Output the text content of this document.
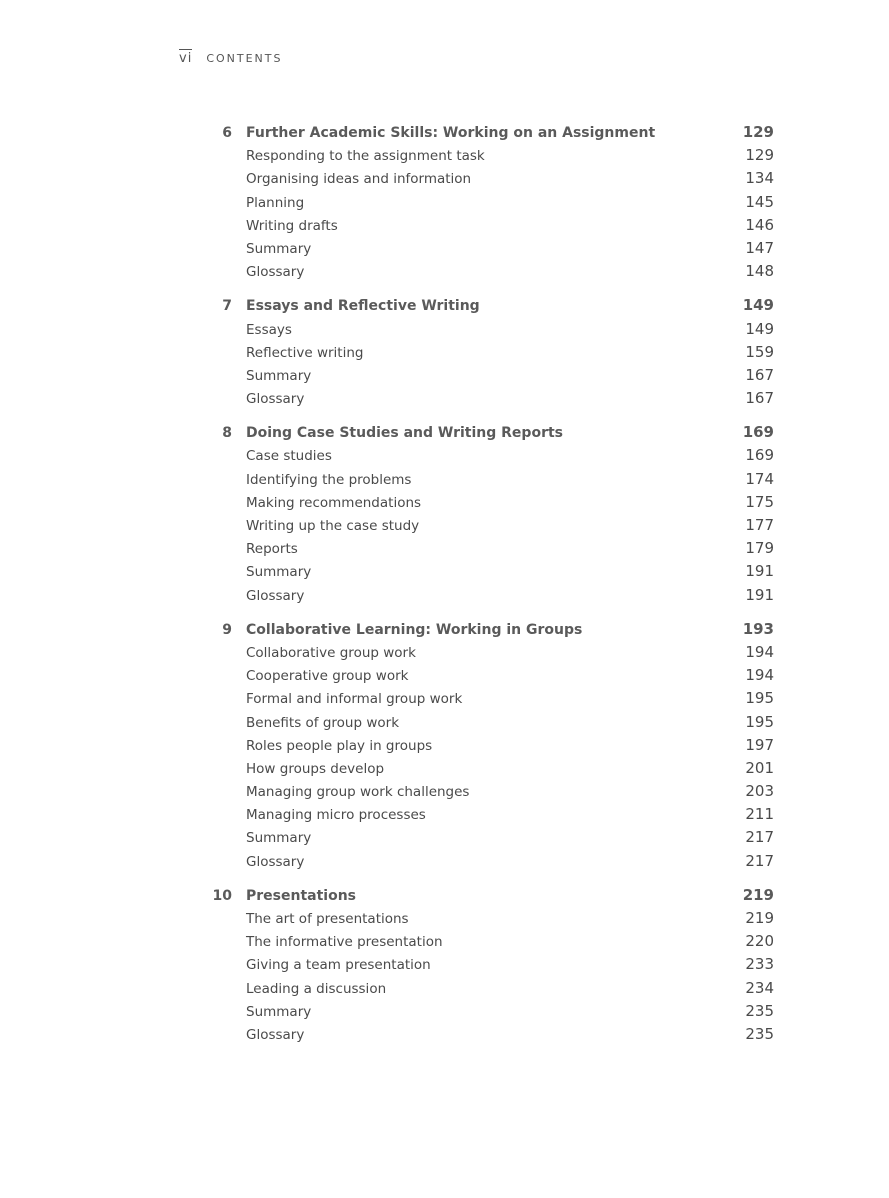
vi CONTENTS
6 Further Academic Skills: Working on an Assignment	129
Responding to the assignment task	129
Organising ideas and information	134
Planning	145
Writing drafts	146
Summary	147
Glossary	148
7 Essays and Reflective Writing	149
Essays	149
Reflective writing	159
Summary	167
Glossary	167
8 Doing Case Studies and Writing Reports	169
Case studies	169
Identifying the problems	174
Making recommendations	175
Writing up the case study	177
Reports	179
Summary	191
Glossary	191
9 Collaborative Learning: Working in Groups	193
Collaborative group work	194
Cooperative group work	194
Formal and informal group work	195
Benefits of group work	195
Roles people play in groups	197
How groups develop	201
Managing group work challenges	203
Managing micro processes	211
Summary	217
Glossary	217
10 Presentations	219
The art of presentations	219
The informative presentation	220
Giving a team presentation	233
Leading a discussion	234
Summary	235
Glossary	235
